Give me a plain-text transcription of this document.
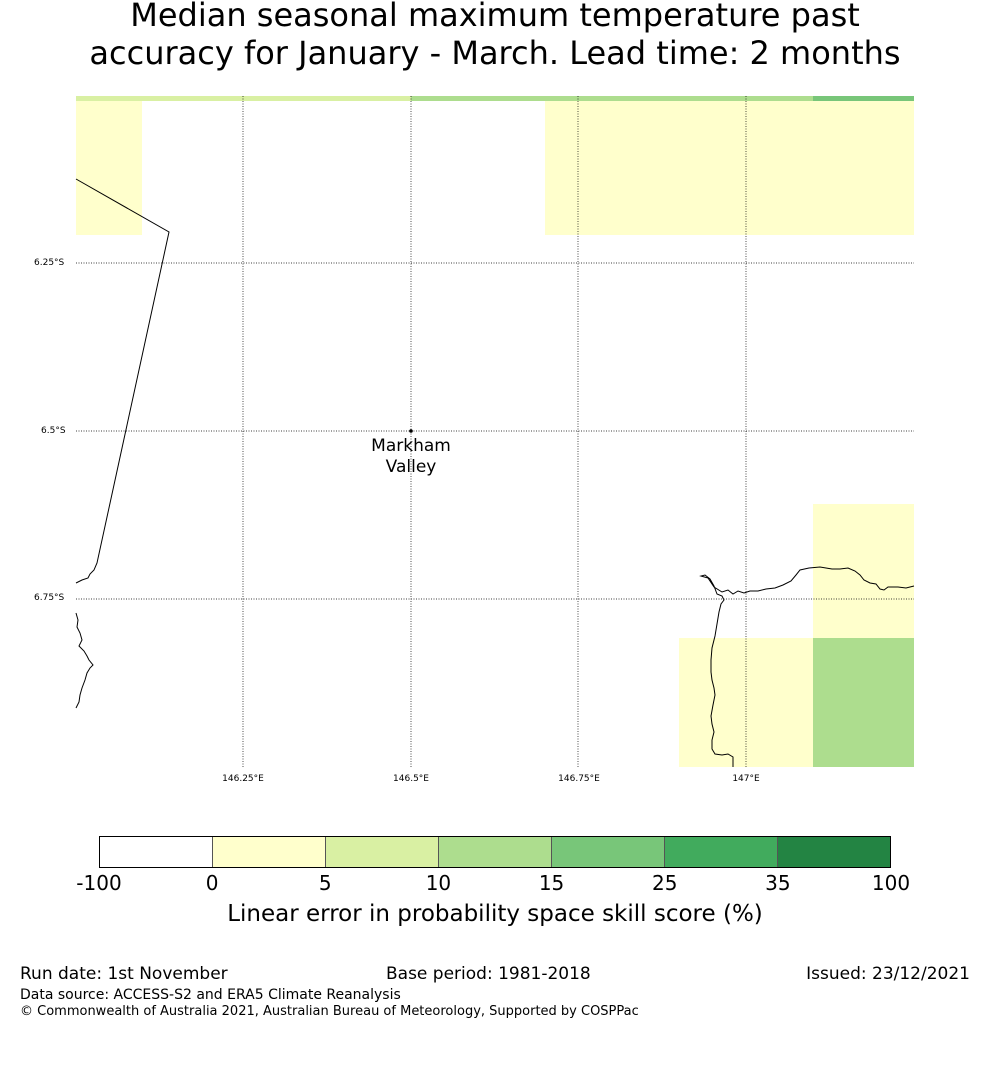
Median seasonal maximum temperature past
accuracy for January - March. Lead time: 2 months
6.25°S
6.5°S
6.75°S
146.25°E	146.5°E	146.75°E	147°E
Markham
Valley
-100	0	5	10	15	25	35	100
Linear error in probability space skill score (%)
Run date: 1st November	Base period: 1981-2018	Issued: 23/12/2021
Data source: ACCESS-S2 and ERA5 Climate Reanalysis
© Commonwealth of Australia 2021, Australian Bureau of Meteorology, Supported by COSPPac
